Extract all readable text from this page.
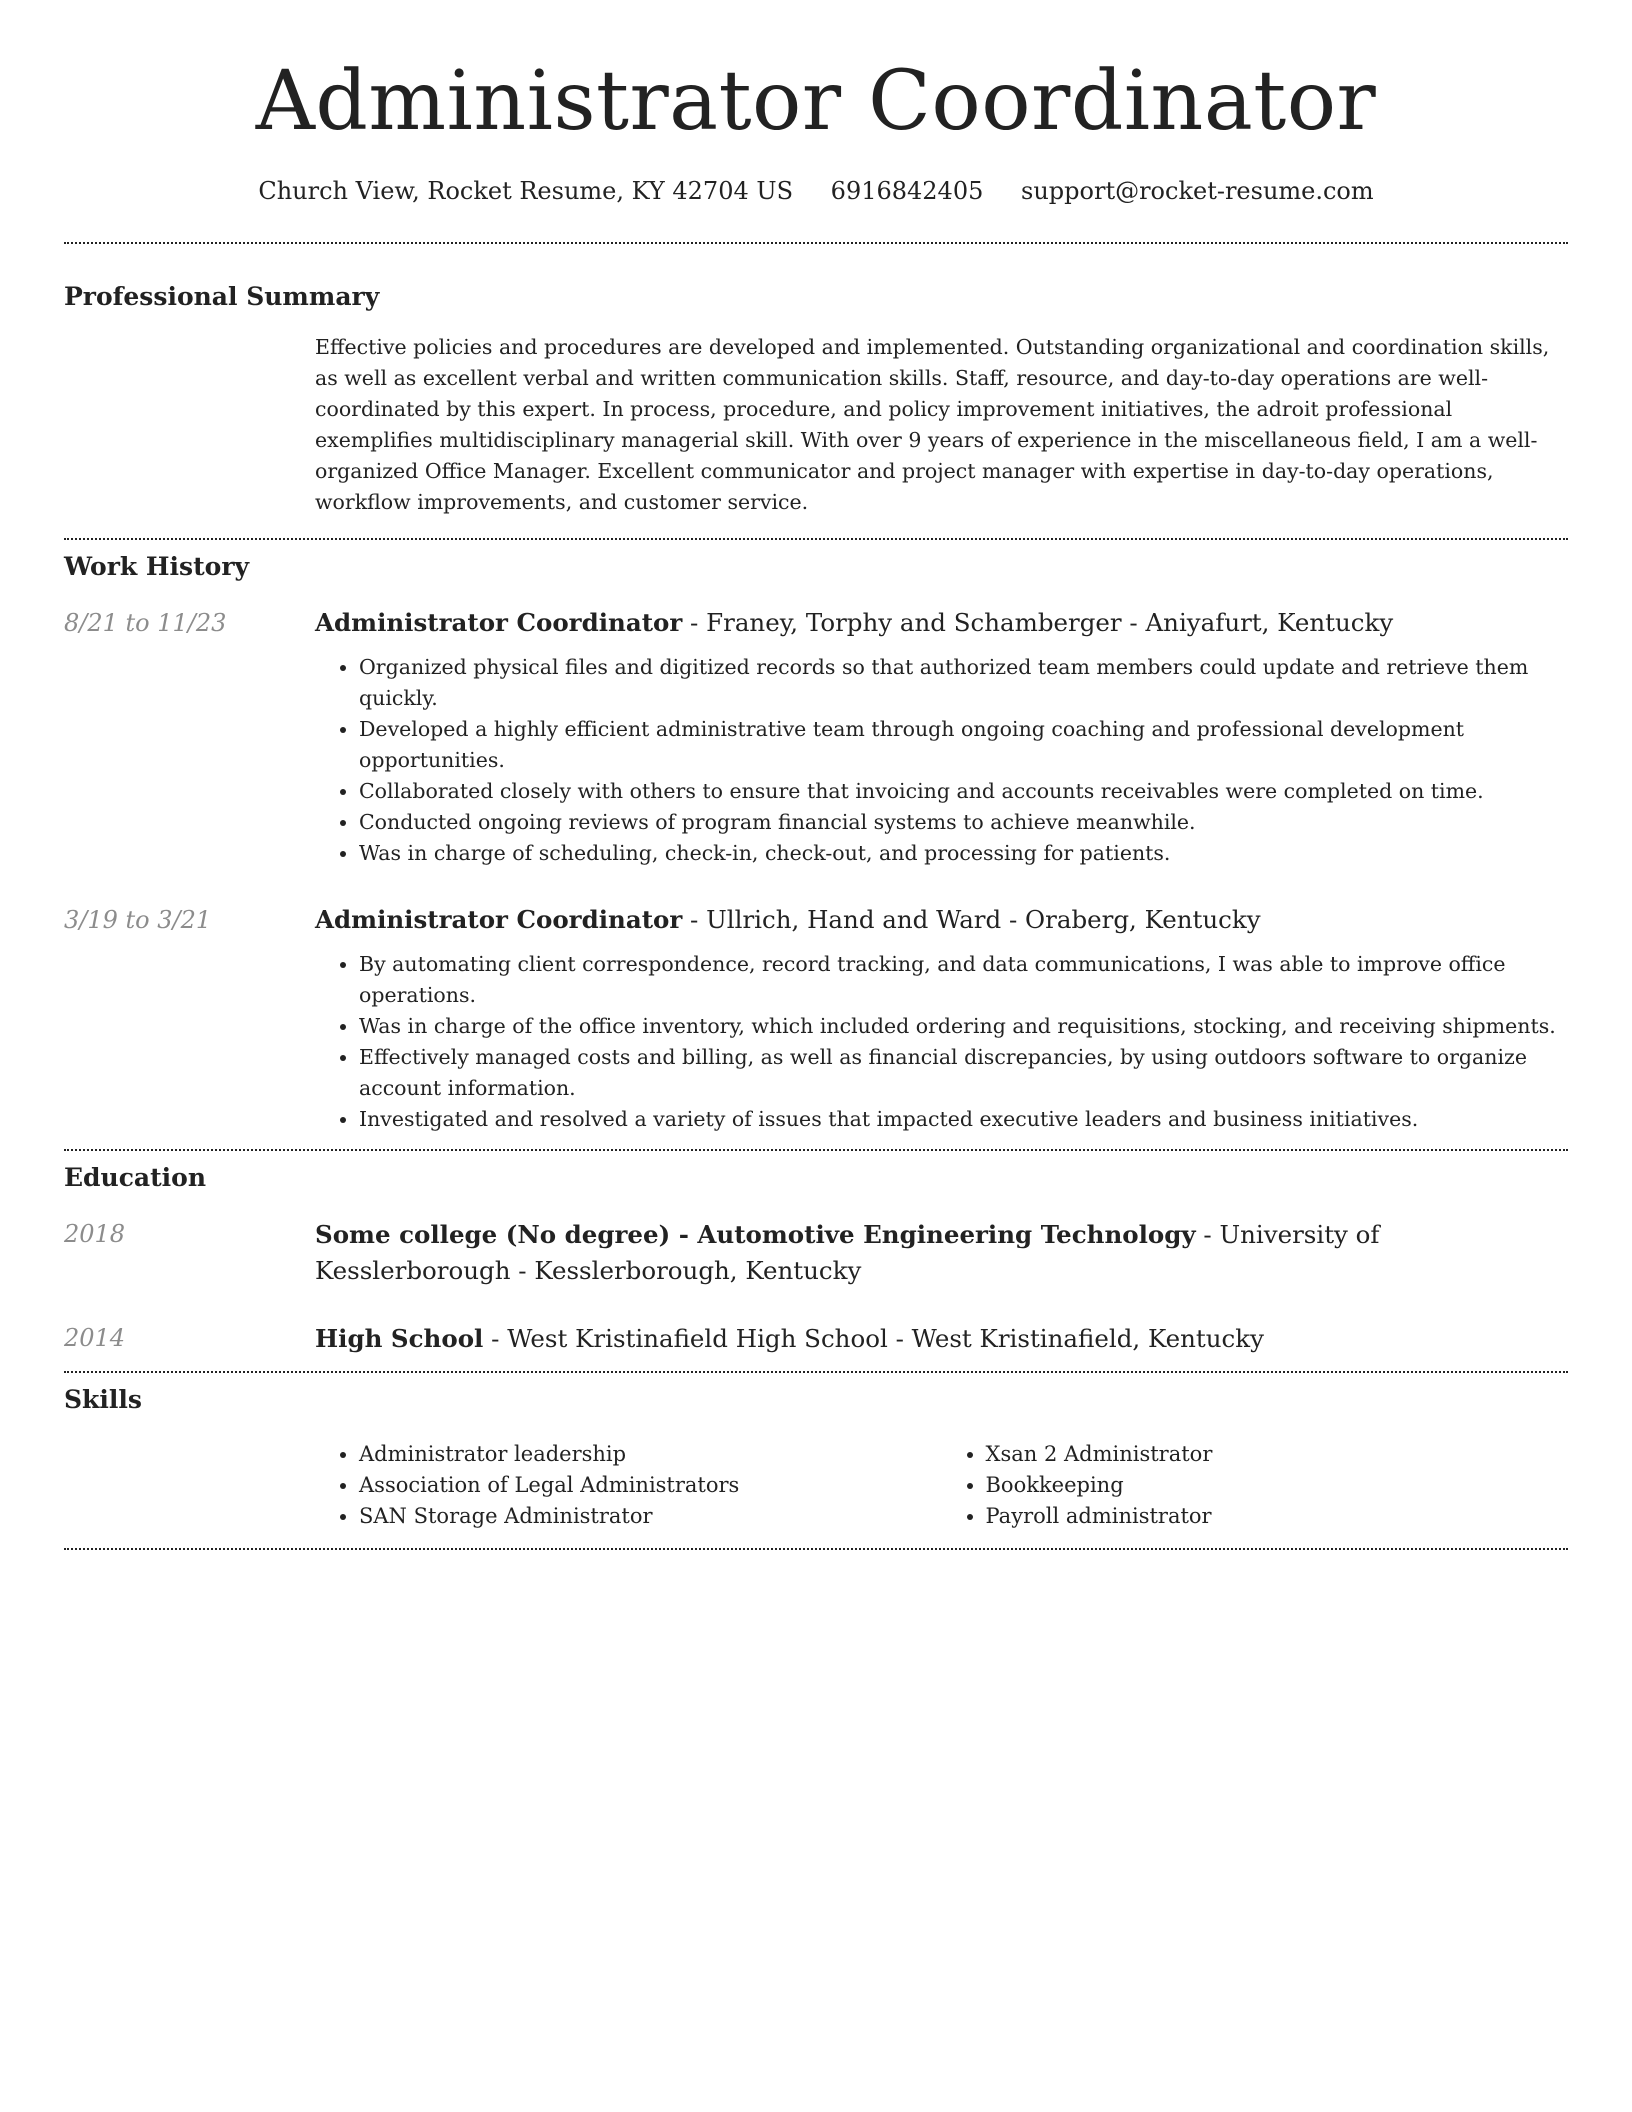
Administrator Coordinator
Church View, Rocket Resume, KY 42704 US 6916842405 support@rocket-resume.com
Professional Summary

Effective policies and procedures are developed and implemented. Outstanding organizational and coordination skills, as well as excellent verbal and written communication skills. Staff, resource, and day-to-day operations are well-coordinated by this expert. In process, procedure, and policy improvement initiatives, the adroit professional exemplifies multidisciplinary managerial skill. With over 9 years of experience in the miscellaneous field, I am a well-organized Office Manager. Excellent communicator and project manager with expertise in day-to-day operations, workflow improvements, and customer service.

Work History
8/21 to 11/23	Administrator Coordinator - Franey, Torphy and Schamberger - Aniyafurt, Kentucky
• Organized physical files and digitized records so that authorized team members could update and retrieve them quickly.
• Developed a highly efficient administrative team through ongoing coaching and professional development opportunities.
• Collaborated closely with others to ensure that invoicing and accounts receivables were completed on time.
• Conducted ongoing reviews of program financial systems to achieve meanwhile.
• Was in charge of scheduling, check-in, check-out, and processing for patients.
3/19 to 3/21	Administrator Coordinator - Ullrich, Hand and Ward - Oraberg, Kentucky
• By automating client correspondence, record tracking, and data communications, I was able to improve office operations.
• Was in charge of the office inventory, which included ordering and requisitions, stocking, and receiving shipments.
• Effectively managed costs and billing, as well as financial discrepancies, by using outdoors software to organize account information.
• Investigated and resolved a variety of issues that impacted executive leaders and business initiatives.
Education
2018	Some college (No degree) - Automotive Engineering Technology - University of Kesslerborough - Kesslerborough, Kentucky
2014	High School - West Kristinafield High School - West Kristinafield, Kentucky
Skills
• Administrator leadership
• Association of Legal Administrators
• SAN Storage Administrator
• Xsan 2 Administrator
• Bookkeeping
• Payroll administrator
